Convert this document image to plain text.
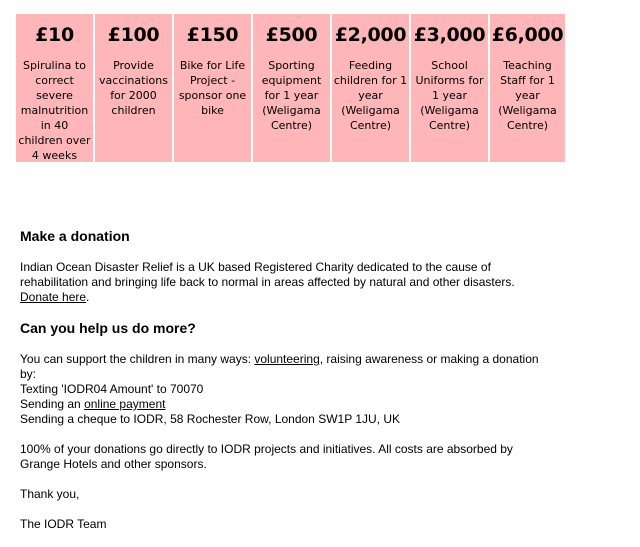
£10
Spirulina to correct severe malnutrition in 40 children over 4 weeks
£100
Provide vaccinations for 2000 children
£150
Bike for Life Project - sponsor one bike
£500
Sporting equipment for 1 year (Weligama Centre)
£2,000
Feeding children for 1 year (Weligama Centre)
£3,000
School Uniforms for 1 year (Weligama Centre)
£6,000
Teaching Staff for 1 year (Weligama Centre)
Make a donation

Indian Ocean Disaster Relief is a UK based Registered Charity dedicated to the cause of rehabilitation and bringing life back to normal in areas affected by natural and other disasters. Donate here.

Can you help us do more?

You can support the children in many ways: volunteering, raising awareness or making a donation by:

Texting 'IODR04 Amount' to 70070

Sending an online payment

Sending a cheque to IODR, 58 Rochester Row, London SW1P 1JU, UK

100% of your donations go directly to IODR projects and initiatives. All costs are absorbed by Grange Hotels and other sponsors.

Thank you,

The IODR Team
